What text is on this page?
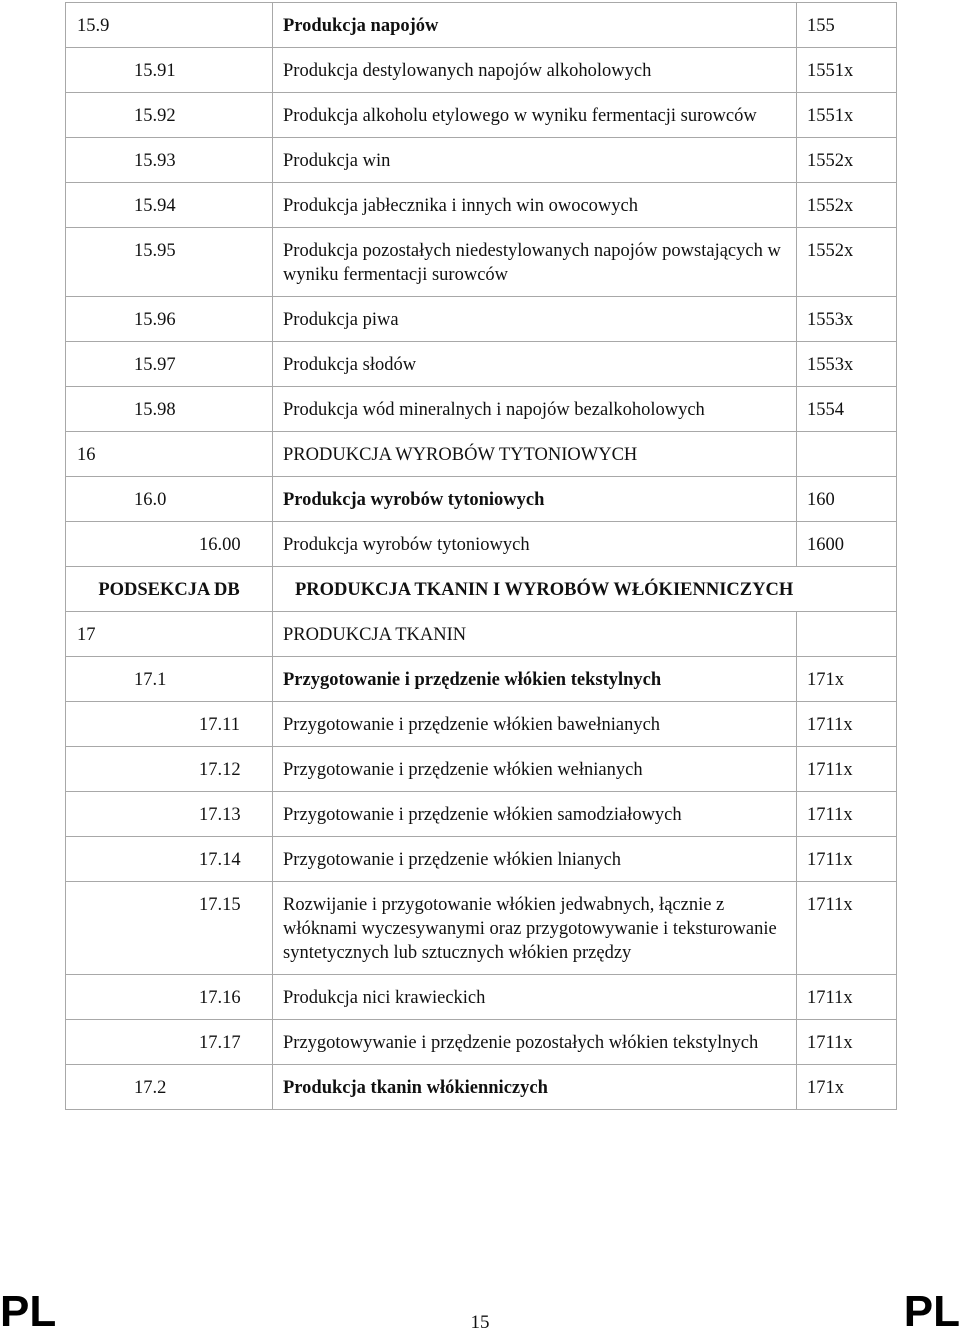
15.9	Produkcja napojów	155

15.91	Produkcja destylowanych napojów alkoholowych	1551x

15.92	Produkcja alkoholu etylowego w wyniku fermentacji surowców	1551x

15.93	Produkcja win	1552x

15.94	Produkcja jabłecznika i innych win owocowych	1552x

15.95	Produkcja pozostałych niedestylowanych napojów powstających w wyniku fermentacji surowców	1552x

15.96	Produkcja piwa	1553x

15.97	Produkcja słodów	1553x

15.98	Produkcja wód mineralnych i napojów bezalkoholowych	1554

16	PRODUKCJA WYROBÓW TYTONIOWYCH	

16.0	Produkcja wyrobów tytoniowych	160

16.00	Produkcja wyrobów tytoniowych	1600

PODSEKCJA DB	PRODUKCJA TKANIN I WYROBÓW WŁÓKIENNICZYCH	

17	PRODUKCJA TKANIN	

17.1	Przygotowanie i przędzenie włókien tekstylnych	171x

17.11	Przygotowanie i przędzenie włókien bawełnianych	1711x

17.12	Przygotowanie i przędzenie włókien wełnianych	1711x

17.13	Przygotowanie i przędzenie włókien samodziałowych	1711x

17.14	Przygotowanie i przędzenie włókien lnianych	1711x

17.15	Rozwijanie i przygotowanie włókien jedwabnych, łącznie z włóknami wyczesywanymi oraz przygotowywanie i teksturowanie syntetycznych lub sztucznych włókien przędzy	1711x

17.16	Produkcja nici krawieckich	1711x

17.17	Przygotowywanie i przędzenie pozostałych włókien tekstylnych	1711x

17.2	Produkcja tkanin włókienniczych	171x
PL	15	PL
